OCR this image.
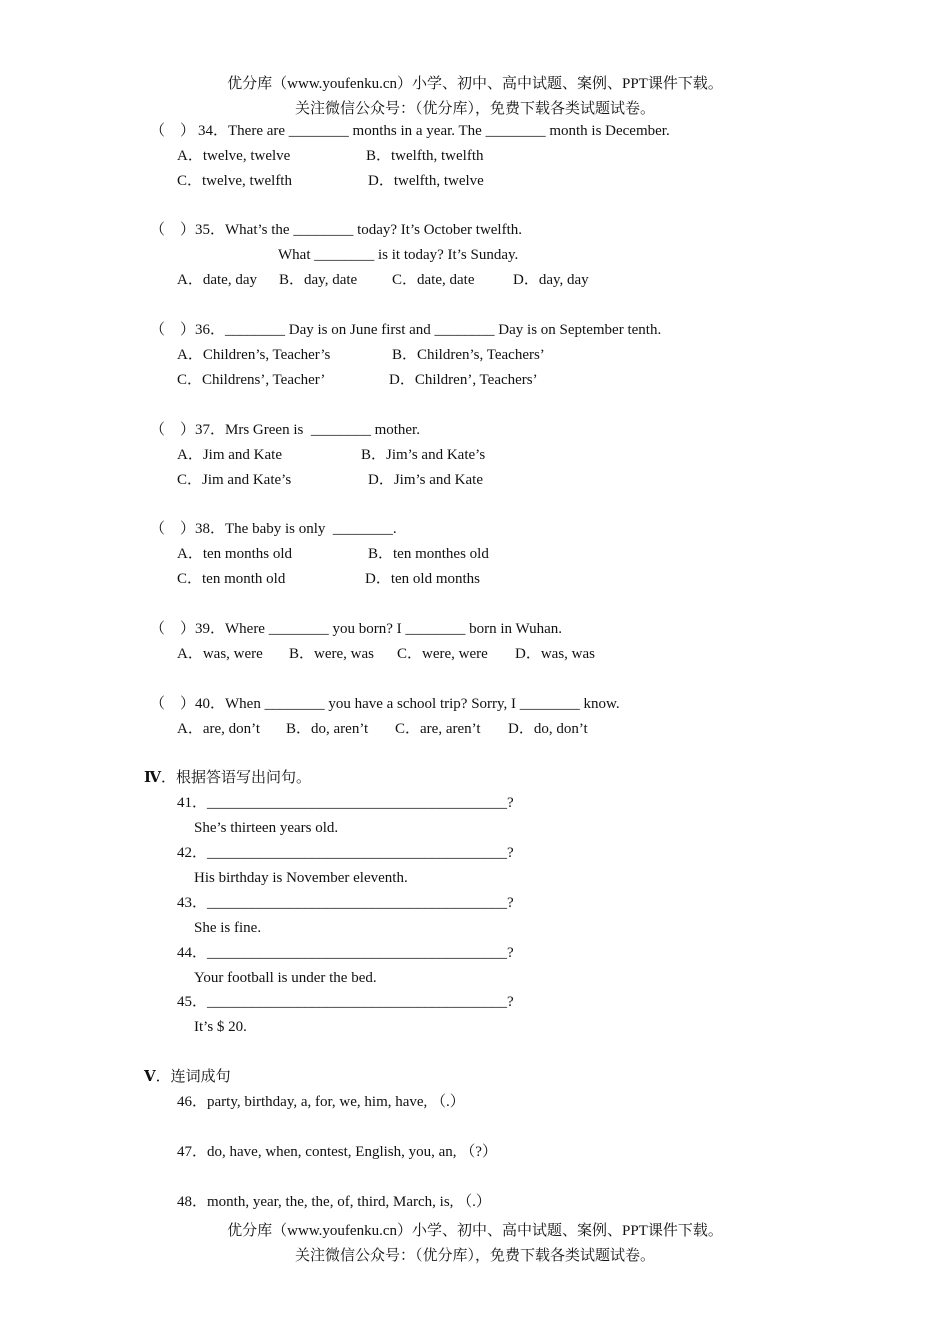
优分库（www.youfenku.cn）小学、初中、高中试题、案例、PPT课件下载。
关注微信公众号：（优分库），免费下载各类试题试卷。
（    ） 34．There are ________ months in a year. The ________ month is December.
A．twelve, twelve	B．twelfth, twelfth
C．twelve, twelfth	D．twelfth, twelve
（    ） 35．What’s the ________ today? It’s October twelfth.
What ________ is it today? It’s Sunday.
A．date, day B．day, date C．date, date	D．day, day
（    ） 36．________ Day is on June first and ________ Day is on September tenth.
A．Children’s, Teacher’s	B．Children’s, Teachers’
C．Childrens’, Teacher’	D．Children’, Teachers’
（    ） 37．Mrs Green is  ________ mother.
A．Jim and Kate	B．Jim’s and Kate’s
C．Jim and Kate’s	D．Jim’s and Kate
（    ） 38．The baby is only  ________.
A．ten months old	B．ten monthes old
C．ten month old	D．ten old months
（    ） 39．Where ________ you born? I ________ born in Wuhan.
A．was, were B．were, was C．were, were D．was, was
（    ） 40．When ________ you have a school trip? Sorry, I ________ know.
A．are, don’t B．do, aren’t C．are, aren’t D．do, don’t
Ⅳ．根据答语写出问句。
41．________________________________________?
She’s thirteen years old.
42．________________________________________?
His birthday is November eleventh.
43．________________________________________?
She is fine.
44．________________________________________?
Your football is under the bed.
45．________________________________________?
It’s $ 20.
Ⅴ．连词成句
46．party, birthday, a, for, we, him, have, （.）
47．do, have, when, contest, English, you, an, （?）
48．month, year, the, the, of, third, March, is, （.）
优分库（www.youfenku.cn）小学、初中、高中试题、案例、PPT课件下载。
关注微信公众号：（优分库），免费下载各类试题试卷。
